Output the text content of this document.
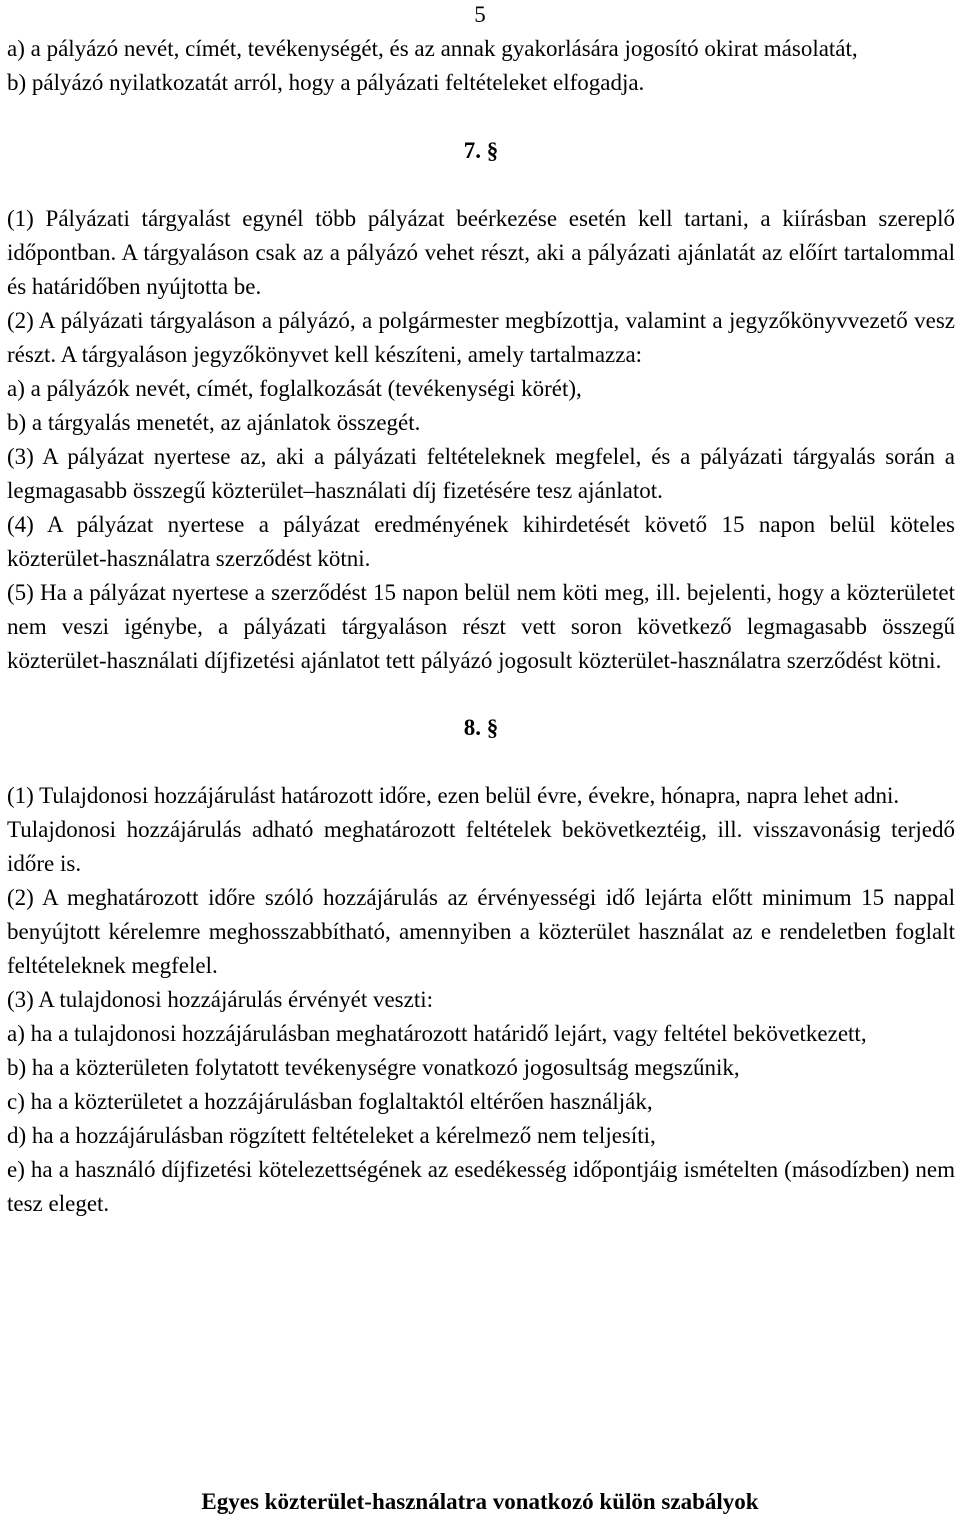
5

a) a pályázó nevét, címét, tevékenységét, és az annak gyakorlására jogosító okirat másolatát,

b) pályázó nyilatkozatát arról, hogy a pályázati feltételeket elfogadja.

7. §

(1) Pályázati tárgyalást egynél több pályázat beérkezése esetén kell tartani, a kiírásban szereplő időpontban. A tárgyaláson csak az a pályázó vehet részt, aki a pályázati ajánlatát az előírt tartalommal és határidőben nyújtotta be.

(2) A pályázati tárgyaláson a pályázó, a polgármester megbízottja, valamint a jegyzőkönyvvezető vesz részt. A tárgyaláson jegyzőkönyvet kell készíteni, amely tartalmazza:

a) a pályázók nevét, címét, foglalkozását (tevékenységi körét),

b) a tárgyalás menetét, az ajánlatok összegét.

(3) A pályázat nyertese az, aki a pályázati feltételeknek megfelel, és a pályázati tárgyalás során a legmagasabb összegű közterület–használati díj fizetésére tesz ajánlatot.

(4) A pályázat nyertese a pályázat eredményének kihirdetését követő 15 napon belül köteles közterület-használatra szerződést kötni.

(5) Ha a pályázat nyertese a szerződést 15 napon belül nem köti meg, ill. bejelenti, hogy a közterületet nem veszi igénybe, a pályázati tárgyaláson részt vett soron következő legmagasabb összegű közterület-használati díjfizetési ajánlatot tett pályázó jogosult közterület-használatra szerződést kötni.

8. §

(1) Tulajdonosi hozzájárulást határozott időre, ezen belül évre, évekre, hónapra, napra lehet adni.

Tulajdonosi hozzájárulás adható meghatározott feltételek bekövetkeztéig, ill. visszavonásig terjedő időre is.

(2) A meghatározott időre szóló hozzájárulás az érvényességi idő lejárta előtt minimum 15 nappal benyújtott kérelemre meghosszabbítható, amennyiben a közterület használat az e rendeletben foglalt feltételeknek megfelel.

(3) A tulajdonosi hozzájárulás érvényét veszti:

a) ha a tulajdonosi hozzájárulásban meghatározott határidő lejárt, vagy feltétel bekövetkezett,

b) ha a közterületen folytatott tevékenységre vonatkozó jogosultság megszűnik,

c) ha a közterületet a hozzájárulásban foglaltaktól eltérően használják,

d) ha a hozzájárulásban rögzített feltételeket a kérelmező nem teljesíti,

e) ha a használó díjfizetési kötelezettségének az esedékesség időpontjáig ismételten (másodízben) nem tesz eleget.

Egyes közterület-használatra vonatkozó külön szabályok
